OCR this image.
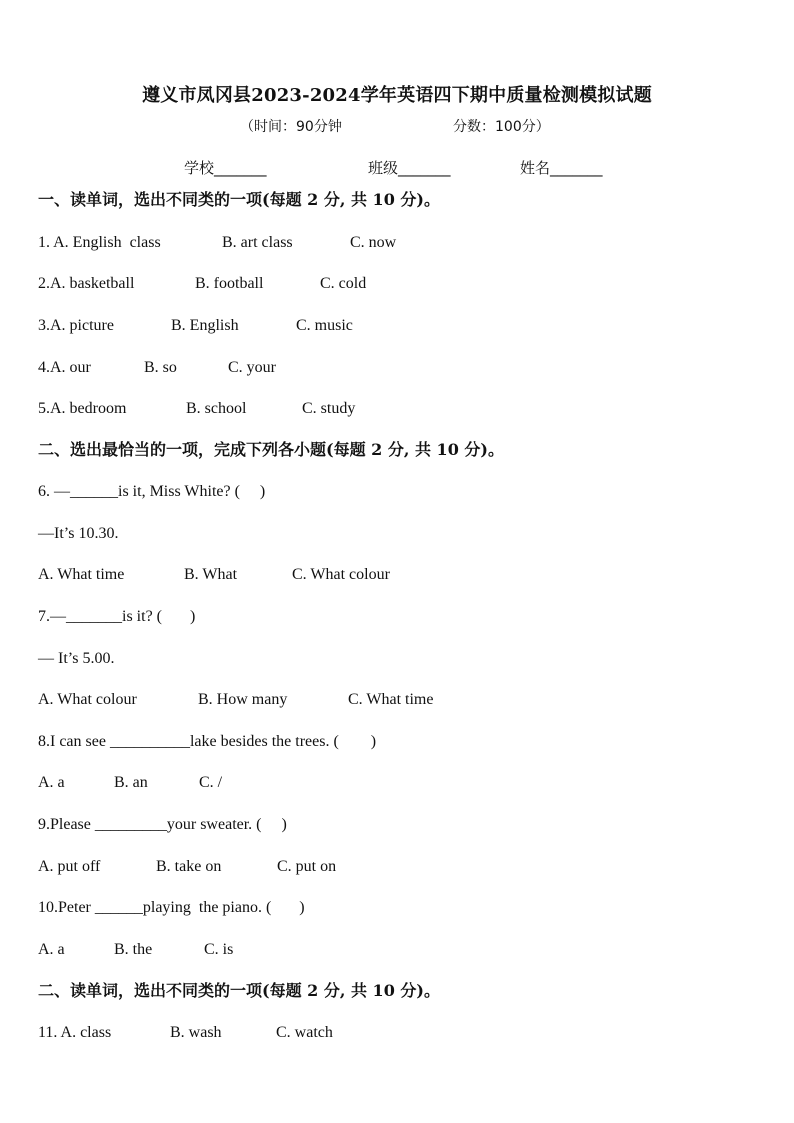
遵义市凤冈县2023-2024学年英语四下期中质量检测模拟试题
（时间：90分钟	分数：100分）
学校_______	班级_______	姓名_______
一、读单词，选出不同类的一项(每题 2 分, 共 10 分)。
1. A. English  class	B. art class	C. now
2.A. basketball	B. football	C. cold
3.A. picture	B. English	C. music
4.A. our	B. so	C. your
5.A. bedroom	B. school	C. study
二、选出最恰当的一项，完成下列各小题(每题 2 分, 共 10 分)。
6. —______is it, Miss White? (     )
—It’s 10.30.
A. What time	B. What	C. What colour
7.—_______is it? (       )
— It’s 5.00.
A. What colour	B. How many	C. What time
8.I can see __________lake besides the trees. (        )
A. a	B. an	C. /
9.Please _________your sweater. (     )
A. put off	B. take on	C. put on
10.Peter ______playing  the piano. (       )
A. a	B. the	C. is
二、读单词，选出不同类的一项(每题 2 分, 共 10 分)。
11. A. class	B. wash	C. watch
